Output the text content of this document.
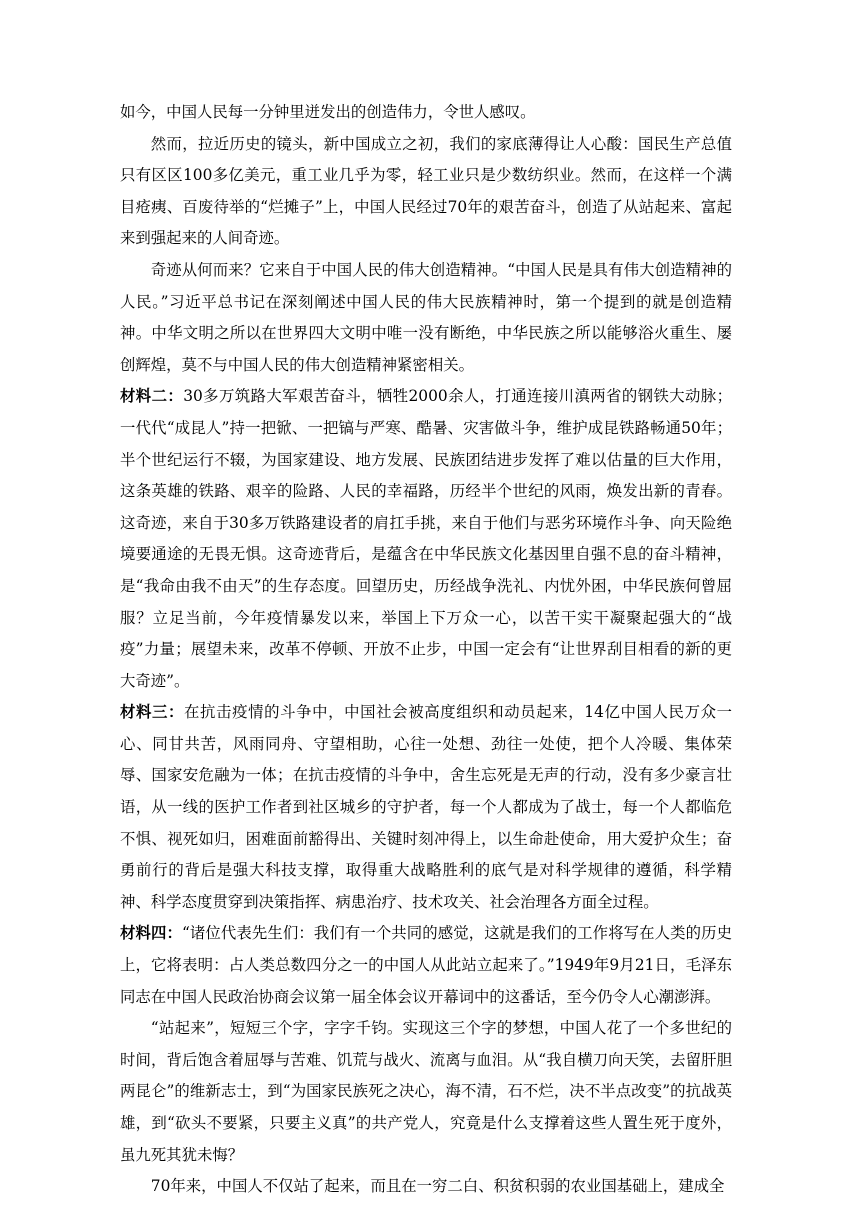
如今，中国人民每一分钟里迸发出的创造伟力，令世人感叹。

然而，拉近历史的镜头，新中国成立之初，我们的家底薄得让人心酸：国民生产总值只有区区100多亿美元，重工业几乎为零，轻工业只是少数纺织业。然而，在这样一个满目疮痍、百废待举的“烂摊子”上，中国人民经过70年的艰苦奋斗，创造了从站起来、富起来到强起来的人间奇迹。

奇迹从何而来？它来自于中国人民的伟大创造精神。“中国人民是具有伟大创造精神的人民。”习近平总书记在深刻阐述中国人民的伟大民族精神时，第一个提到的就是创造精神。中华文明之所以在世界四大文明中唯一没有断绝，中华民族之所以能够浴火重生、屡创辉煌，莫不与中国人民的伟大创造精神紧密相关。

材料二：30多万筑路大军艰苦奋斗，牺牲2000余人，打通连接川滇两省的钢铁大动脉；一代代“成昆人”持一把锨、一把镐与严寒、酷暑、灾害做斗争，维护成昆铁路畅通50年；半个世纪运行不辍，为国家建设、地方发展、民族团结进步发挥了难以估量的巨大作用，这条英雄的铁路、艰辛的险路、人民的幸福路，历经半个世纪的风雨，焕发出新的青春。这奇迹，来自于30多万铁路建设者的肩扛手挑，来自于他们与恶劣环境作斗争、向天险绝境要通途的无畏无惧。这奇迹背后，是蕴含在中华民族文化基因里自强不息的奋斗精神，是“我命由我不由天”的生存态度。回望历史，历经战争洗礼、内忧外困，中华民族何曾屈服？立足当前，今年疫情暴发以来，举国上下万众一心，以苦干实干凝聚起强大的“战疫”力量；展望未来，改革不停顿、开放不止步，中国一定会有“让世界刮目相看的新的更大奇迹”。

材料三：在抗击疫情的斗争中，中国社会被高度组织和动员起来，14亿中国人民万众一心、同甘共苦，风雨同舟、守望相助，心往一处想、劲往一处使，把个人冷暖、集体荣辱、国家安危融为一体；在抗击疫情的斗争中，舍生忘死是无声的行动，没有多少豪言壮语，从一线的医护工作者到社区城乡的守护者，每一个人都成为了战士，每一个人都临危不惧、视死如归，困难面前豁得出、关键时刻冲得上，以生命赴使命，用大爱护众生；奋勇前行的背后是强大科技支撑，取得重大战略胜利的底气是对科学规律的遵循，科学精神、科学态度贯穿到决策指挥、病患治疗、技术攻关、社会治理各方面全过程。

材料四：“诸位代表先生们：我们有一个共同的感觉，这就是我们的工作将写在人类的历史上，它将表明：占人类总数四分之一的中国人从此站立起来了。”1949年9月21日，毛泽东同志在中国人民政治协商会议第一届全体会议开幕词中的这番话，至今仍令人心潮澎湃。

“站起来”，短短三个字，字字千钧。实现这三个字的梦想，中国人花了一个多世纪的时间，背后饱含着屈辱与苦难、饥荒与战火、流离与血泪。从“我自横刀向天笑，去留肝胆两昆仑”的维新志士，到“为国家民族死之决心，海不清，石不烂，决不半点改变”的抗战英雄，到“砍头不要紧，只要主义真”的共产党人，究竟是什么支撑着这些人置生死于度外，虽九死其犹未悔？

70年来，中国人不仅站了起来，而且在一穷二白、积贫积弱的农业国基础上，建成全
